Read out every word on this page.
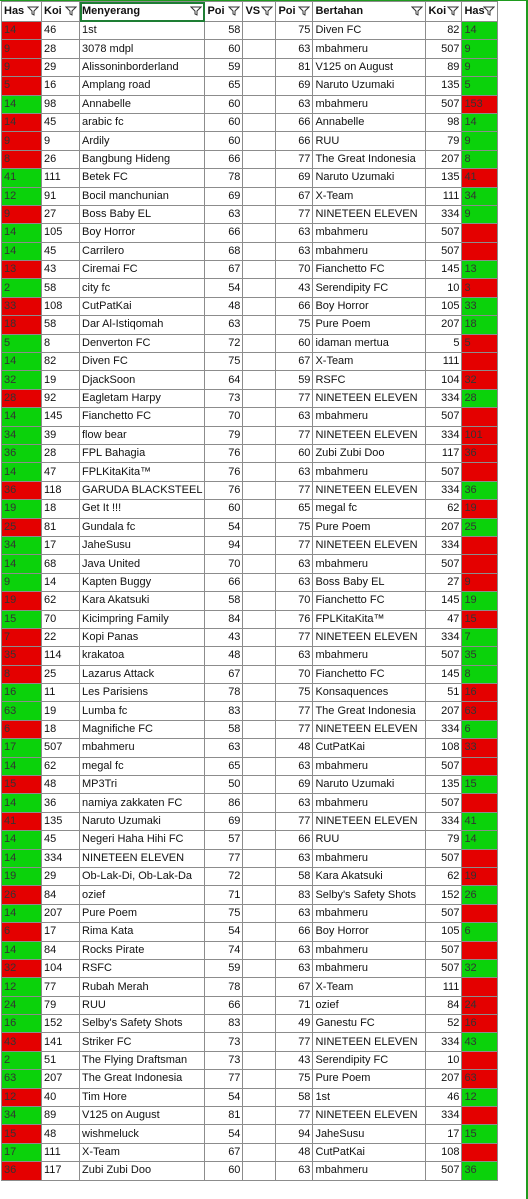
Has	Koi	Menyerang	Poi	VS	Poi	Bertahan	Koi	Has

14	46	1st	58		75	Diven FC	82	14
9	28	3078 mdpl	60		63	mbahmeru	507	9
9	29	Alissoninborderland	59		81	V125 on August	89	9
5	16	Amplang road	65		69	Naruto Uzumaki	135	5
14	98	Annabelle	60		63	mbahmeru	507	153
14	45	arabic fc	60		66	Annabelle	98	14
9	9	Ardily	60		66	RUU	79	9
8	26	Bangbung Hideng	66		77	The Great Indonesia	207	8
41	111	Betek FC	78		69	Naruto Uzumaki	135	41
12	91	Bocil manchunian	69		67	X-Team	111	34
9	27	Boss Baby EL	63		77	NINETEEN ELEVEN	334	9
14	105	Boy Horror	66		63	mbahmeru	507	
14	45	Carrilero	68		63	mbahmeru	507	
13	43	Ciremai FC	67		70	Fianchetto FC	145	13
2	58	city fc	54		43	Serendipity FC	10	3
33	108	CutPatKai	48		66	Boy Horror	105	33
18	58	Dar Al-Istiqomah	63		75	Pure Poem	207	18
5	8	Denverton FC	72		60	idaman mertua	5	5
14	82	Diven FC	75		67	X-Team	111	
32	19	DjackSoon	64		59	RSFC	104	32
28	92	Eagletam Harpy	73		77	NINETEEN ELEVEN	334	28
14	145	Fianchetto FC	70		63	mbahmeru	507	
34	39	flow bear	79		77	NINETEEN ELEVEN	334	101
36	28	FPL Bahagia	76		60	Zubi Zubi Doo	117	36
14	47	FPLKitaKita™	76		63	mbahmeru	507	
36	118	GARUDA BLACKSTEEL	76		77	NINETEEN ELEVEN	334	36
19	18	Get It !!!	60		65	megal fc	62	19
25	81	Gundala fc	54		75	Pure Poem	207	25
34	17	JaheSusu	94		77	NINETEEN ELEVEN	334	
14	68	Java United	70		63	mbahmeru	507	
9	14	Kapten Buggy	66		63	Boss Baby EL	27	9
19	62	Kara Akatsuki	58		70	Fianchetto FC	145	19
15	70	Kicimpring Family	84		76	FPLKitaKita™	47	15
7	22	Kopi Panas	43		77	NINETEEN ELEVEN	334	7
35	114	krakatoa	48		63	mbahmeru	507	35
8	25	Lazarus Attack	67		70	Fianchetto FC	145	8
16	11	Les Parisiens	78		75	Konsaquences	51	16
63	19	Lumba fc	83		77	The Great Indonesia	207	63
6	18	Magnifiche FC	58		77	NINETEEN ELEVEN	334	6
17	507	mbahmeru	63		48	CutPatKai	108	33
14	62	megal fc	65		63	mbahmeru	507	
15	48	MP3Tri	50		69	Naruto Uzumaki	135	15
14	36	namiya zakkaten FC	86		63	mbahmeru	507	
41	135	Naruto Uzumaki	69		77	NINETEEN ELEVEN	334	41
14	45	Negeri Haha Hihi FC	57		66	RUU	79	14
14	334	NINETEEN ELEVEN	77		63	mbahmeru	507	
19	29	Ob-Lak-Di, Ob-Lak-Da	72		58	Kara Akatsuki	62	19
26	84	ozief	71		83	Selby's Safety Shots	152	26
14	207	Pure Poem	75		63	mbahmeru	507	
6	17	Rima Kata	54		66	Boy Horror	105	6
14	84	Rocks Pirate	74		63	mbahmeru	507	
32	104	RSFC	59		63	mbahmeru	507	32
12	77	Rubah Merah	78		67	X-Team	111	
24	79	RUU	66		71	ozief	84	24
16	152	Selby's Safety Shots	83		49	Ganestu FC	52	16
43	141	Striker FC	73		77	NINETEEN ELEVEN	334	43
2	51	The Flying Draftsman	73		43	Serendipity FC	10	
63	207	The Great Indonesia	77		75	Pure Poem	207	63
12	40	Tim Hore	54		58	1st	46	12
34	89	V125 on August	81		77	NINETEEN ELEVEN	334	
15	48	wishmeluck	54		94	JaheSusu	17	15
17	111	X-Team	67		48	CutPatKai	108	
36	117	Zubi Zubi Doo	60		63	mbahmeru	507	36
